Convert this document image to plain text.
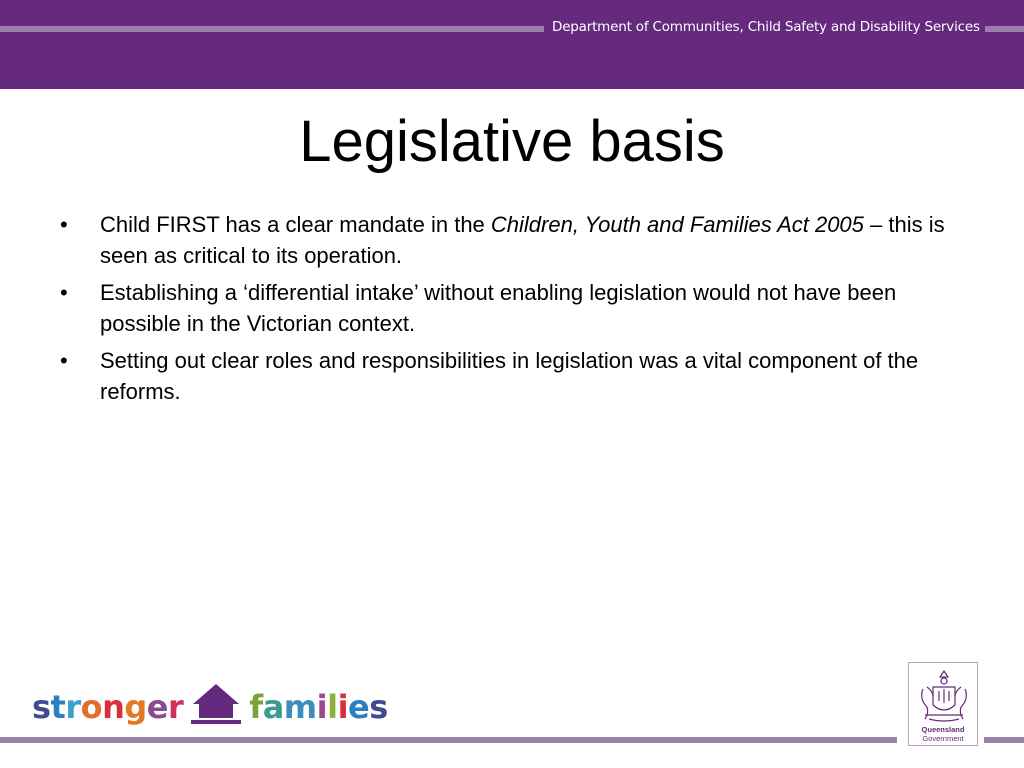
Department of Communities, Child Safety and Disability Services
Legislative basis
•	Child FIRST has a clear mandate in the Children, Youth and Families Act 2005 – this is seen as critical to its operation.
•	Establishing a ‘differential intake’ without enabling legislation would not have been possible in the Victorian context.
•	Setting out clear roles and responsibilities in legislation was a vital component of the reforms.
stronger families
Queensland
Government
